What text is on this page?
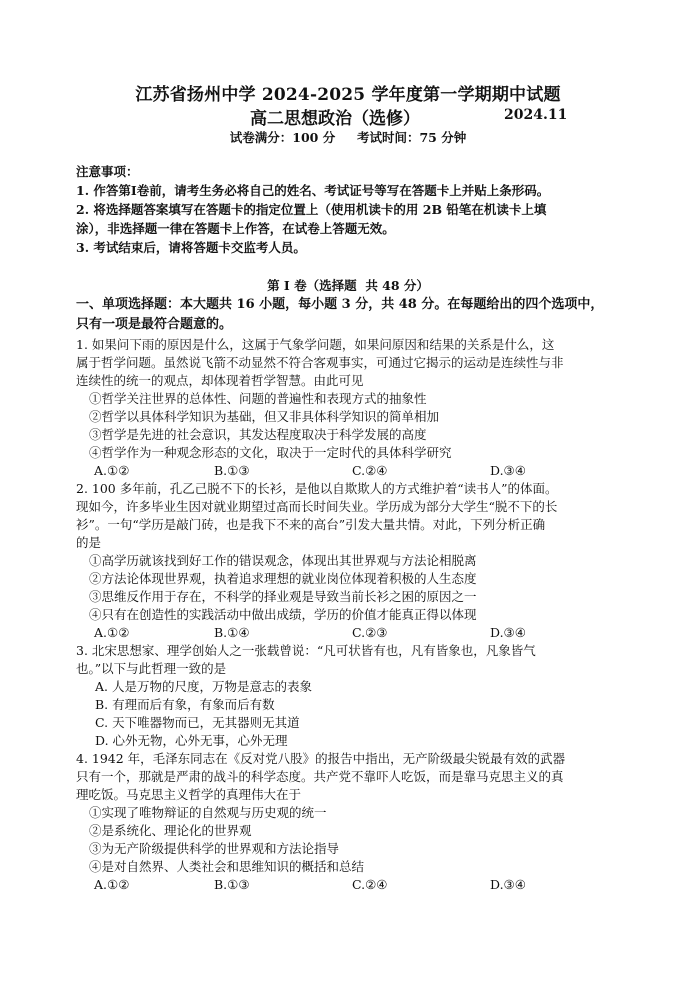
江苏省扬州中学 2024-2025 学年度第一学期期中试题
高二思想政治（选修）	2024.11
试卷满分：100 分     考试时间：75 分钟
注意事项：
1. 作答第Ⅰ卷前，请考生务必将自己的姓名、考试证号等写在答题卡上并贴上条形码。
2. 将选择题答案填写在答题卡的指定位置上（使用机读卡的用 2B 铅笔在机读卡上填
涂），非选择题一律在答题卡上作答，在试卷上答题无效。
3. 考试结束后，请将答题卡交监考人员。
第 Ⅰ 卷（选择题  共 48 分）
一、单项选择题：本大题共 16 小题，每小题 3 分，共 48 分。在每题给出的四个选项中，
只有一项是最符合题意的。
1. 如果问下雨的原因是什么，这属于气象学问题，如果问原因和结果的关系是什么，这
属于哲学问题。虽然说飞箭不动显然不符合客观事实，可通过它揭示的运动是连续性与非
连续性的统一的观点，却体现着哲学智慧。由此可见
①哲学关注世界的总体性、问题的普遍性和表现方式的抽象性
②哲学以具体科学知识为基础，但又非具体科学知识的简单相加
③哲学是先进的社会意识，其发达程度取决于科学发展的高度
④哲学作为一种观念形态的文化，取决于一定时代的具体科学研究
A.①②	B.①③	C.②④	D.③④
2. 100 多年前，孔乙己脱不下的长衫，是他以自欺欺人的方式维护着“读书人”的体面。
现如今，许多毕业生因对就业期望过高而长时间失业。学历成为部分大学生“脱不下的长
衫”。一句“学历是敲门砖，也是我下不来的高台”引发大量共情。对此，下列分析正确
的是
①高学历就该找到好工作的错误观念，体现出其世界观与方法论相脱离
②方法论体现世界观，执着追求理想的就业岗位体现着积极的人生态度
③思维反作用于存在，不科学的择业观是导致当前长衫之困的原因之一
④只有在创造性的实践活动中做出成绩，学历的价值才能真正得以体现
A.①②	B.①④	C.②③	D.③④
3. 北宋思想家、理学创始人之一张载曾说：“凡可状皆有也，凡有皆象也，凡象皆气
也。”以下与此哲理一致的是
A. 人是万物的尺度，万物是意志的表象
B. 有理而后有象，有象而后有数
C. 天下唯器物而已，无其器则无其道
D. 心外无物，心外无事，心外无理
4. 1942 年，毛泽东同志在《反对党八股》的报告中指出，无产阶级最尖锐最有效的武器
只有一个，那就是严肃的战斗的科学态度。共产党不靠吓人吃饭，而是靠马克思主义的真
理吃饭。马克思主义哲学的真理伟大在于
①实现了唯物辩证的自然观与历史观的统一
②是系统化、理论化的世界观
③为无产阶级提供科学的世界观和方法论指导
④是对自然界、人类社会和思维知识的概括和总结
A.①②	B.①③	C.②④	D.③④
